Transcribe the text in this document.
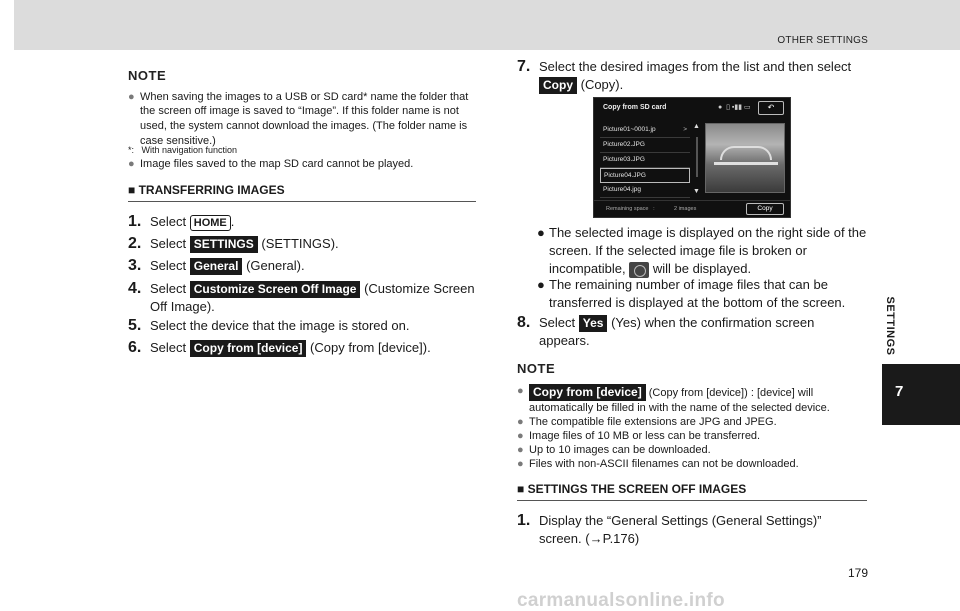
OTHER SETTINGS
SETTINGS
7
NOTE
● When saving the images to a USB or SD card* name the folder that the screen off image is saved to “Image”. If this folder name is not used, the system cannot download the images. (The folder name is case sensitive.)
*:   With navigation function
● Image files saved to the map SD card cannot be played.
■ TRANSFERRING IMAGES
1. Select HOME .
2. Select SETTINGS (SETTINGS).
3. Select General (General).
4. Select Customize Screen Off Image (Customize Screen Off Image).
5. Select the device that the image is stored on.
6. Select Copy from [device] (Copy from [device]).
7. Select the desired images from the list and then select
Copy (Copy).
Copy from SD card	●  ▯ ▪▮▮ ▭	↶
Picture01~0001.jp	>
Picture02.JPG
Picture03.JPG
Picture04.JPG
Picture04.jpg
▲
▼
Remaining space   :	2 images	Copy
● The selected image is displayed on the right side of the screen. If the selected image file is broken or incompatible,  will be displayed.
● The remaining number of image files that can be transferred is displayed at the bottom of the screen.
8. Select Yes (Yes) when the confirmation screen appears.
NOTE
● Copy from [device] (Copy from [device]) : [device] will automatically be filled in with the name of the selected device.
● The compatible file extensions are JPG and JPEG.
● Image files of 10 MB or less can be transferred.
● Up to 10 images can be downloaded.
● Files with non-ASCII filenames can not be downloaded.
■ SETTINGS THE SCREEN OFF IMAGES
1. Display the “General Settings (General Settings)” screen. (→P.176)
179
carmanualsonline.info
